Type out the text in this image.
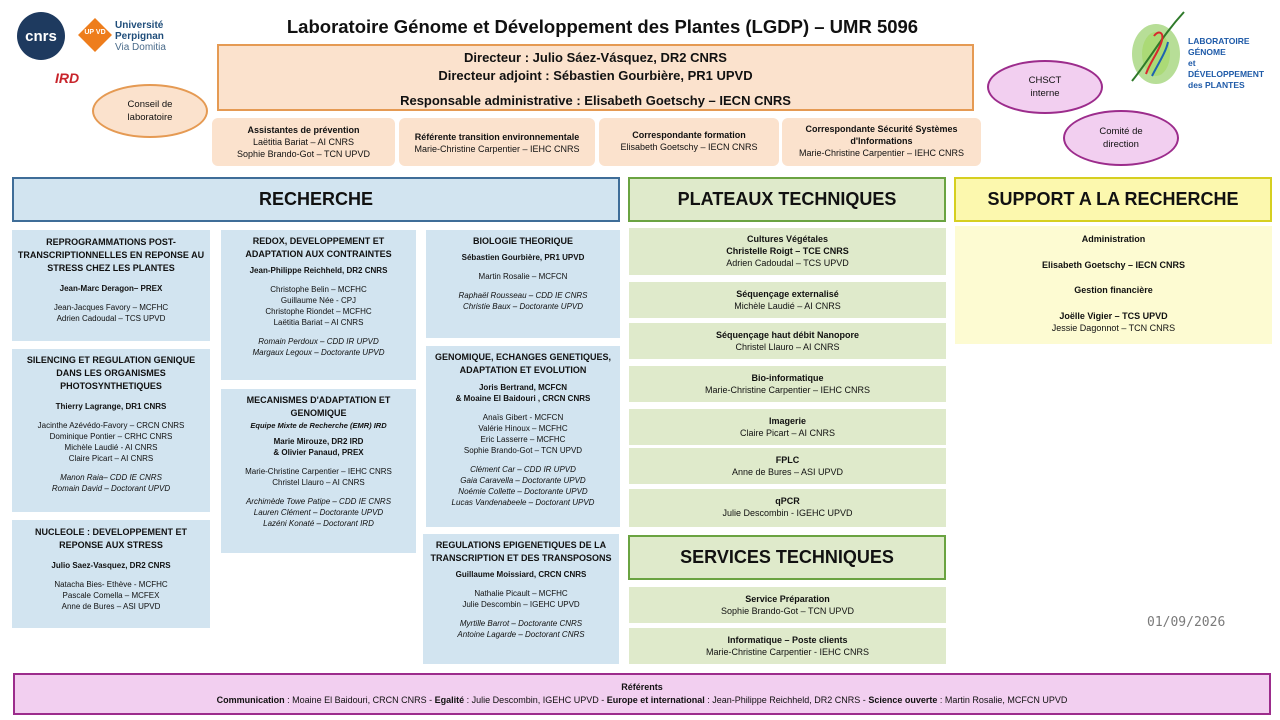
cnrs	UP VD
Université
Perpignan
Via Domitia
IRD
LABORATOIRE
GÉNOME
et DÉVELOPPEMENT
des PLANTES
Laboratoire Génome et Développement des Plantes (LGDP) – UMR 5096
Directeur : Julio Sáez-Vásquez, DR2 CNRS
Directeur adjoint : Sébastien Gourbière, PR1 UPVD
Responsable administrative : Elisabeth Goetschy – IECN CNRS
Conseil de laboratoire
CHSCT interne
Comité de direction
Assistantes de prévention
Laëtitia Bariat – AI CNRS
Sophie Brando-Got – TCN UPVD
Référente transition environnementale
Marie-Christine Carpentier – IEHC CNRS
Correspondante formation
Elisabeth Goetschy – IECN CNRS
Correspondante Sécurité Systèmes d'Informations
Marie-Christine Carpentier – IEHC CNRS
RECHERCHE	PLATEAUX TECHNIQUES	SUPPORT A LA RECHERCHE
REPROGRAMMATIONS POST-TRANSCRIPTIONNELLES EN REPONSE AU STRESS CHEZ LES PLANTES
Jean-Marc Deragon– PREX
Jean-Jacques Favory – MCFHC
Adrien Cadoudal – TCS UPVD
SILENCING ET REGULATION GENIQUE DANS LES ORGANISMES PHOTOSYNTHETIQUES
Thierry Lagrange, DR1 CNRS
Jacinthe Azévédo-Favory – CRCN CNRS
Dominique Pontier – CRHC CNRS
Michèle Laudié - AI CNRS
Claire Picart – AI CNRS
Manon Raia– CDD IE CNRS
Romain David – Doctorant UPVD
NUCLEOLE : DEVELOPPEMENT ET REPONSE AUX STRESS
Julio Saez-Vasquez, DR2 CNRS
Natacha Bies- Ethève - MCFHC
Pascale Comella – MCFEX
Anne de Bures – ASI UPVD
REDOX, DEVELOPPEMENT ET ADAPTATION AUX CONTRAINTES
Jean-Philippe Reichheld, DR2 CNRS
Christophe Belin – MCFHC
Guillaume Née - CPJ
Christophe Riondet – MCFHC
Laëtitia Bariat – AI CNRS
Romain Perdoux – CDD IR UPVD
Margaux Legoux – Doctorante UPVD
MECANISMES D'ADAPTATION ET GENOMIQUE
Equipe Mixte de Recherche (EMR) IRD
Marie Mirouze, DR2 IRD
& Olivier Panaud, PREX
Marie-Christine Carpentier – IEHC CNRS
Christel Llauro – AI CNRS
Archimède Towe Patipe – CDD IE CNRS
Lauren Clément – Doctorante UPVD
Lazéni Konaté – Doctorant IRD
BIOLOGIE THEORIQUE
Sébastien Gourbière, PR1 UPVD
Martin Rosalie – MCFCN
Raphaël Rousseau – CDD IE CNRS
Christie Baux – Doctorante UPVD
GENOMIQUE, ECHANGES GENETIQUES, ADAPTATION ET EVOLUTION
Joris Bertrand, MCFCN
& Moaine El Baidouri , CRCN CNRS
Anaïs Gibert - MCFCN
Valérie Hinoux – MCFHC
Eric Lasserre – MCFHC
Sophie Brando-Got – TCN UPVD
Clément Car – CDD IR UPVD
Gaia Caravella – Doctorante UPVD
Noémie Collette – Doctorante UPVD
Lucas Vandenabeele – Doctorant UPVD
REGULATIONS EPIGENETIQUES DE LA TRANSCRIPTION ET DES TRANSPOSONS
Guillaume Moissiard, CRCN CNRS
Nathalie Picault – MCFHC
Julie Descombin – IGEHC UPVD
Myrtille Barrot – Doctorante CNRS
Antoine Lagarde – Doctorant CNRS
Cultures Végétales
Christelle Roigt – TCE CNRS
Adrien Cadoudal – TCS UPVD
Séquençage externalisé
Michèle Laudié – AI CNRS
Séquençage haut débit Nanopore
Christel Llauro – AI CNRS
Bio-informatique
Marie-Christine Carpentier – IEHC CNRS
Imagerie
Claire Picart – AI CNRS
FPLC
Anne de Bures – ASI UPVD
qPCR
Julie Descombin - IGEHC UPVD
SERVICES TECHNIQUES
Service Préparation
Sophie Brando-Got – TCN UPVD
Informatique – Poste clients
Marie-Christine Carpentier - IEHC CNRS
Administration
Elisabeth Goetschy – IECN CNRS
Gestion financière
Joëlle Vigier – TCS UPVD
Jessie Dagonnot – TCN CNRS
01/09/2026
Référents
Communication : Moaine El Baidouri, CRCN CNRS - Egalité : Julie Descombin, IGEHC UPVD - Europe et international : Jean-Philippe Reichheld, DR2 CNRS - Science ouverte : Martin Rosalie, MCFCN UPVD
